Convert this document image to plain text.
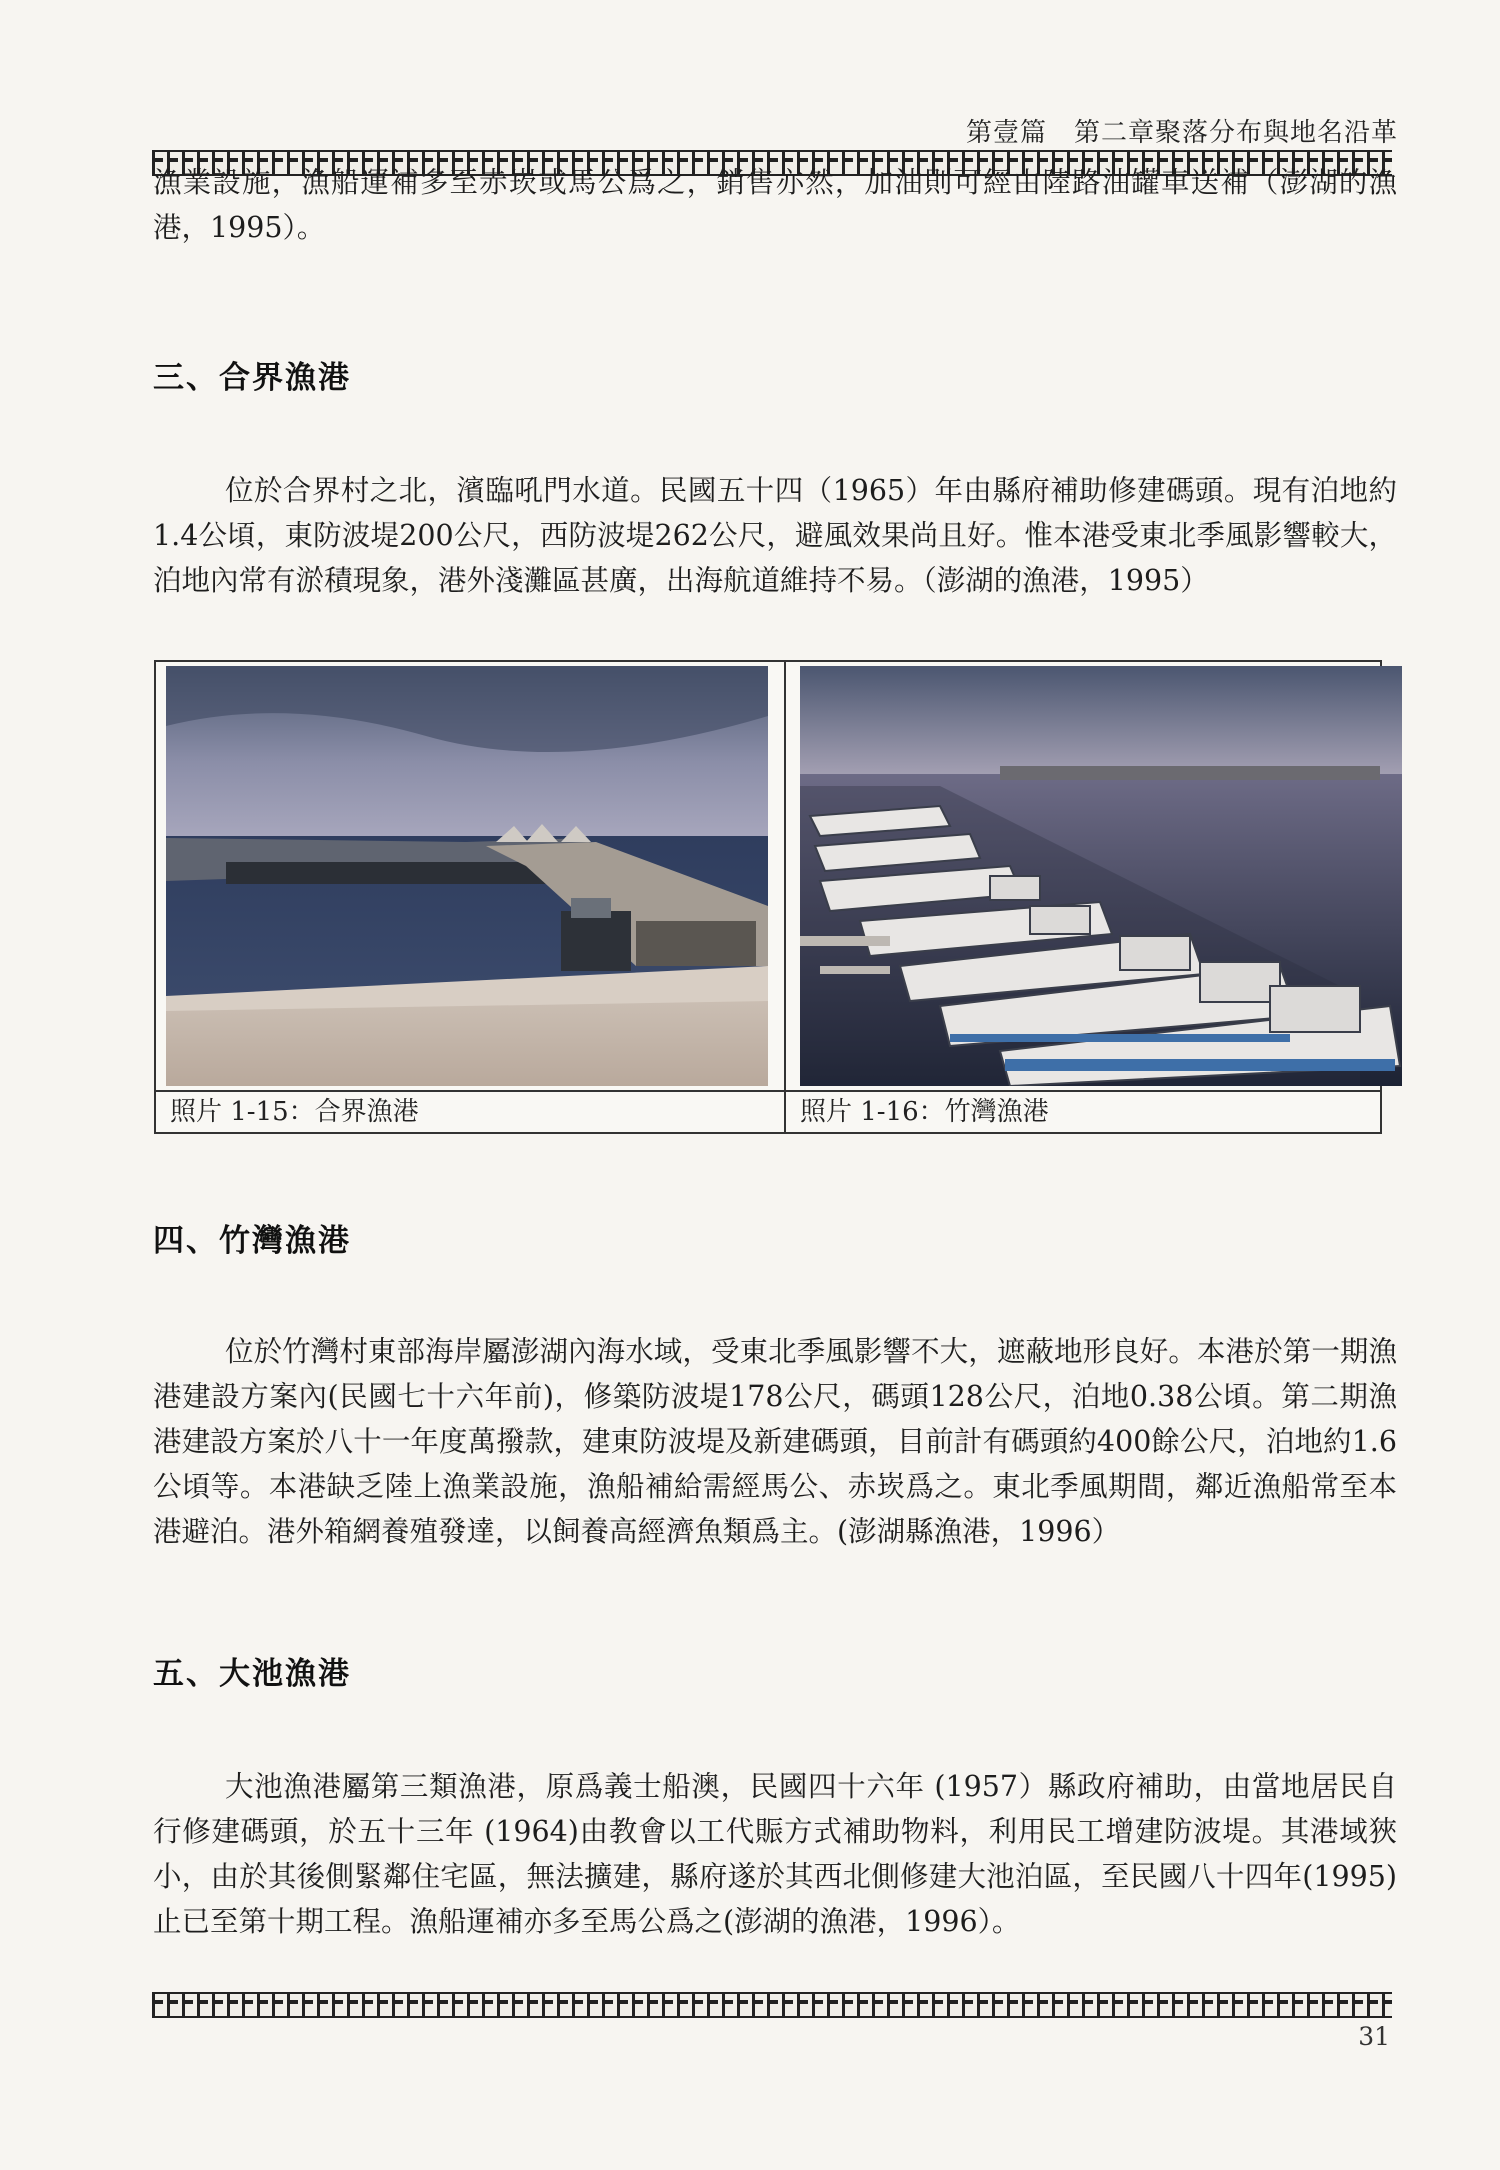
第壹篇　第二章聚落分布與地名沿革

漁業設施，漁船運補多至赤崁或馬公爲之，銷售亦然，加油則可經由陸路油罐車送補（澎湖的漁港，1995）。

三、合界漁港

位於合界村之北，濱臨吼門水道。民國五十四（1965）年由縣府補助修建碼頭。現有泊地約1.4公頃，東防波堤200公尺，西防波堤262公尺，避風效果尚且好。惟本港受東北季風影響較大，泊地內常有淤積現象，港外淺灘區甚廣，出海航道維持不易。（澎湖的漁港，1995）

照片 1-15：合界漁港	照片 1-16：竹灣漁港
四、竹灣漁港

位於竹灣村東部海岸屬澎湖內海水域，受東北季風影響不大，遮蔽地形良好。本港於第一期漁港建設方案內(民國七十六年前)，修築防波堤178公尺，碼頭128公尺，泊地0.38公頃。第二期漁港建設方案於八十一年度萬撥款，建東防波堤及新建碼頭，目前計有碼頭約400餘公尺，泊地約1.6公頃等。本港缺乏陸上漁業設施，漁船補給需經馬公、赤崁爲之。東北季風期間，鄰近漁船常至本港避泊。港外箱網養殖發達，以飼養高經濟魚類爲主。(澎湖縣漁港，1996）

五、大池漁港

大池漁港屬第三類漁港，原爲義士船澳，民國四十六年 (1957）縣政府補助，由當地居民自行修建碼頭，於五十三年 (1964)由教會以工代賑方式補助物料，利用民工增建防波堤。其港域狹小，由於其後側緊鄰住宅區，無法擴建，縣府遂於其西北側修建大池泊區，至民國八十四年(1995)止已至第十期工程。漁船運補亦多至馬公爲之(澎湖的漁港，1996）。

31
